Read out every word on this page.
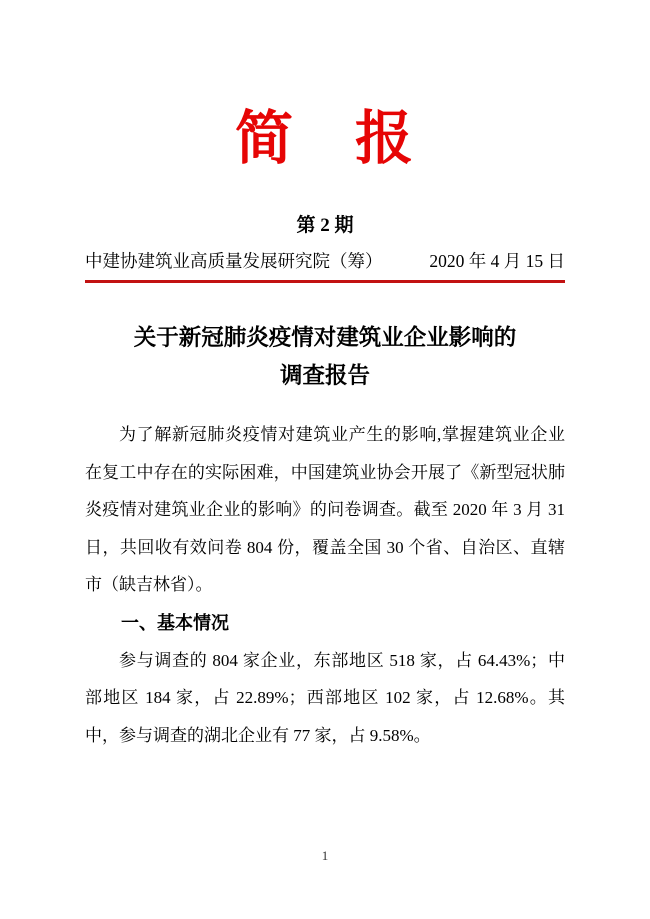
简　报
第 2 期
中建协建筑业高质量发展研究院（筹）	2020 年 4 月 15 日
关于新冠肺炎疫情对建筑业企业影响的
调查报告

为了解新冠肺炎疫情对建筑业产生的影响,掌握建筑业企业在复工中存在的实际困难，中国建筑业协会开展了《新型冠状肺炎疫情对建筑业企业的影响》的问卷调查。截至 2020 年 3 月 31 日，共回收有效问卷 804 份，覆盖全国 30 个省、自治区、直辖市（缺吉林省）。

一、基本情况

参与调查的 804 家企业，东部地区 518 家，占 64.43%；中部地区 184 家，占 22.89%；西部地区 102 家，占 12.68%。其中，参与调查的湖北企业有 77 家，占 9.58%。

1
